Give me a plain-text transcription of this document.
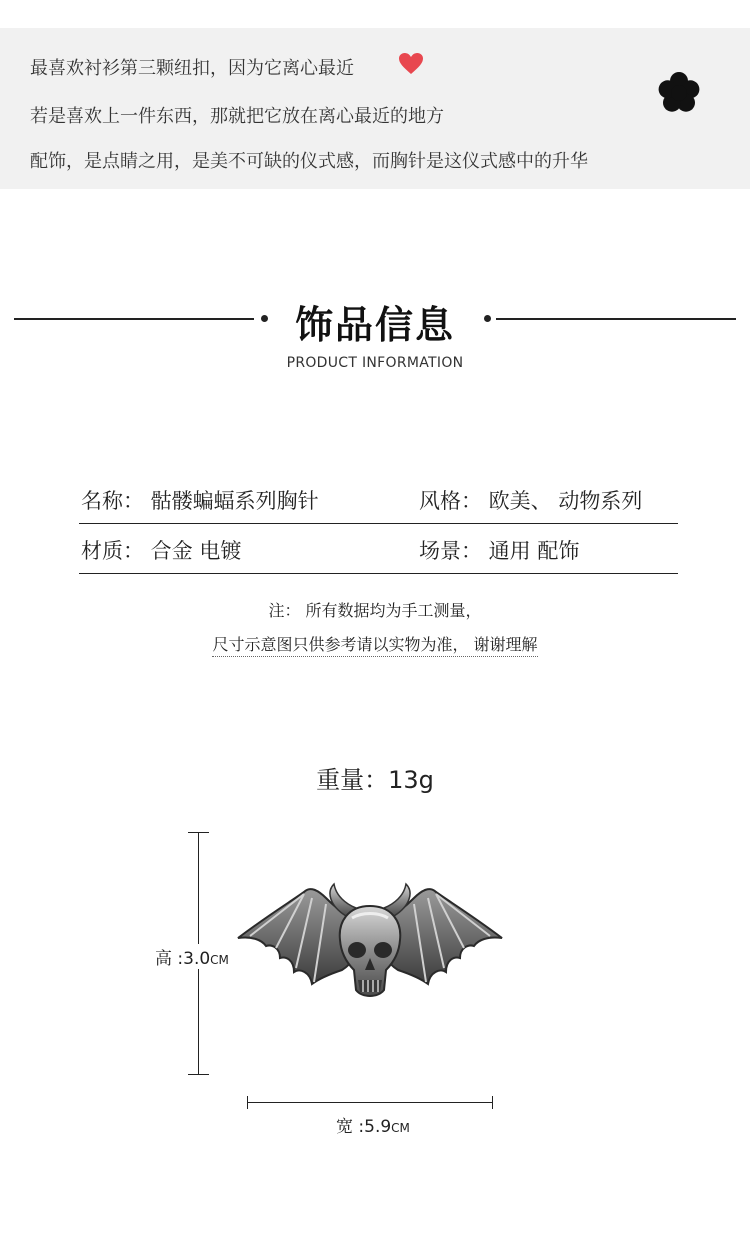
最喜欢衬衫第三颗纽扣，因为它离心最近
若是喜欢上一件东西，那就把它放在离心最近的地方
配饰，是点睛之用，是美不可缺的仪式感，而胸针是这仪式感中的升华
饰品信息
PRODUCT INFORMATION
名称： 骷髅蝙蝠系列胸针	风格： 欧美、 动物系列
材质： 合金 电镀	场景： 通用 配饰
注： 所有数据均为手工测量，
尺寸示意图只供参考请以实物为准， 谢谢理解
重量：13g
高 :3.0CM
宽 :5.9CM
